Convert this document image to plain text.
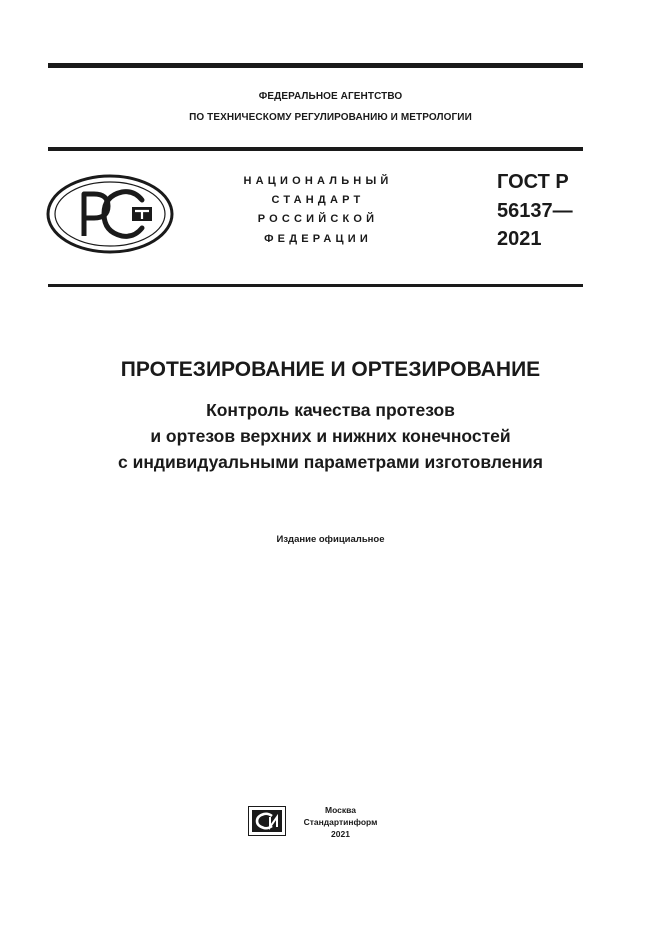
ФЕДЕРАЛЬНОЕ АГЕНТСТВО
ПО ТЕХНИЧЕСКОМУ РЕГУЛИРОВАНИЮ И МЕТРОЛОГИИ
НАЦИОНАЛЬНЫЙ
СТАНДАРТ
РОССИЙСКОЙ
ФЕДЕРАЦИИ
ГОСТ Р
56137—
2021
ПРОТЕЗИРОВАНИЕ И ОРТЕЗИРОВАНИЕ
Контроль качества протезов
и ортезов верхних и нижних конечностей
с индивидуальными параметрами изготовления
Издание официальное
Москва
Стандартинформ
2021
